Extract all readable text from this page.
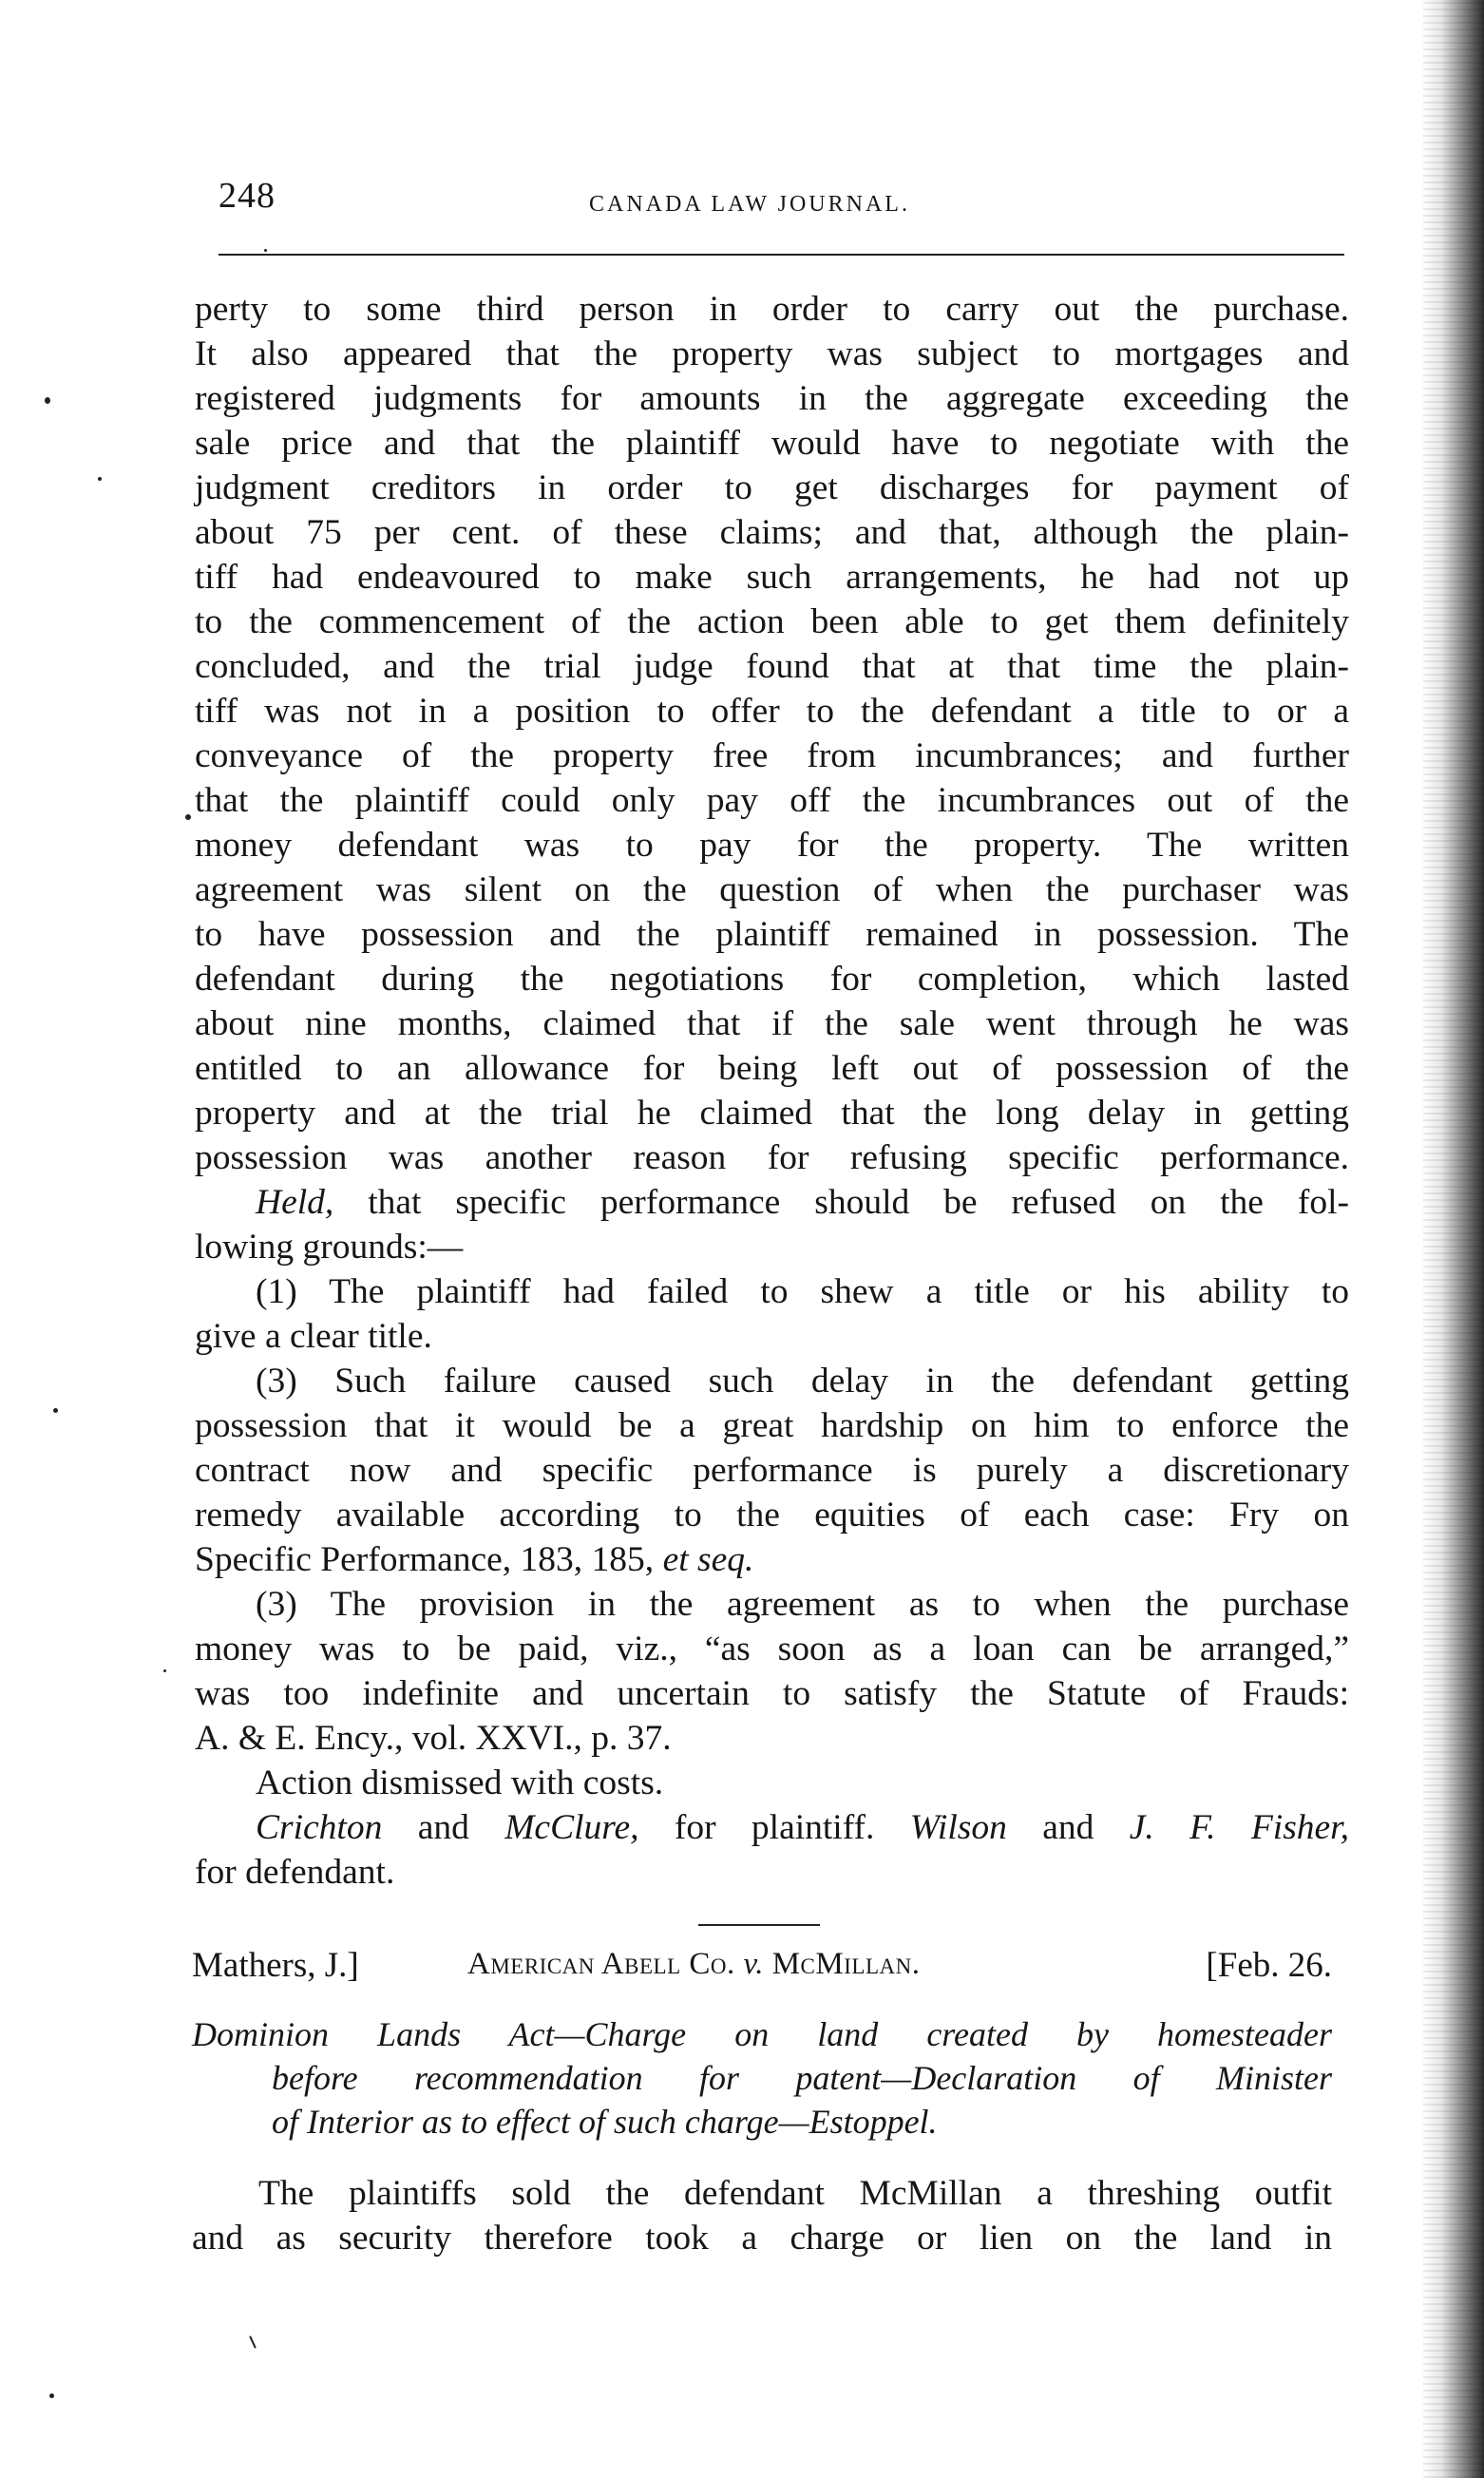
248	CANADA LAW JOURNAL.

perty to some third person in order to carry out the purchase.
It also appeared that the property was subject to mortgages and
registered judgments for amounts in the aggregate exceeding the
sale price and that the plaintiff would have to negotiate with the
judgment creditors in order to get discharges for payment of
about 75 per cent. of these claims; and that, although the plain-
tiff had endeavoured to make such arrangements, he had not up
to the commencement of the action been able to get them definitely
concluded, and the trial judge found that at that time the plain-
tiff was not in a position to offer to the defendant a title to or a
conveyance of the property free from incumbrances; and further
that the plaintiff could only pay off the incumbrances out of the
money defendant was to pay for the property. The written
agreement was silent on the question of when the purchaser was
to have possession and the plaintiff remained in possession. The
defendant during the negotiations for completion, which lasted
about nine months, claimed that if the sale went through he was
entitled to an allowance for being left out of possession of the
property and at the trial he claimed that the long delay in getting
possession was another reason for refusing specific performance.

Held, that specific performance should be refused on the fol-
lowing grounds:—

(1) The plaintiff had failed to shew a title or his ability to
give a clear title.

(3) Such failure caused such delay in the defendant getting
possession that it would be a great hardship on him to enforce the
contract now and specific performance is purely a discretionary
remedy available according to the equities of each case: Fry on
Specific Performance, 183, 185, et seq.

(3) The provision in the agreement as to when the purchase
money was to be paid, viz., “as soon as a loan can be arranged,”
was too indefinite and uncertain to satisfy the Statute of Frauds:
A. & E. Ency., vol. XXVI., p. 37.

Action dismissed with costs.

Crichton and McClure, for plaintiff. Wilson and J. F. Fisher,
for defendant.

Mathers, J.]	American Abell Co. v. McMillan.	[Feb. 26.
Dominion Lands Act—Charge on land created by homesteader
before recommendation for patent—Declaration of Minister
of Interior as to effect of such charge—Estoppel.
The plaintiffs sold the defendant McMillan a threshing outfit
and as security therefore took a charge or lien on the land in
